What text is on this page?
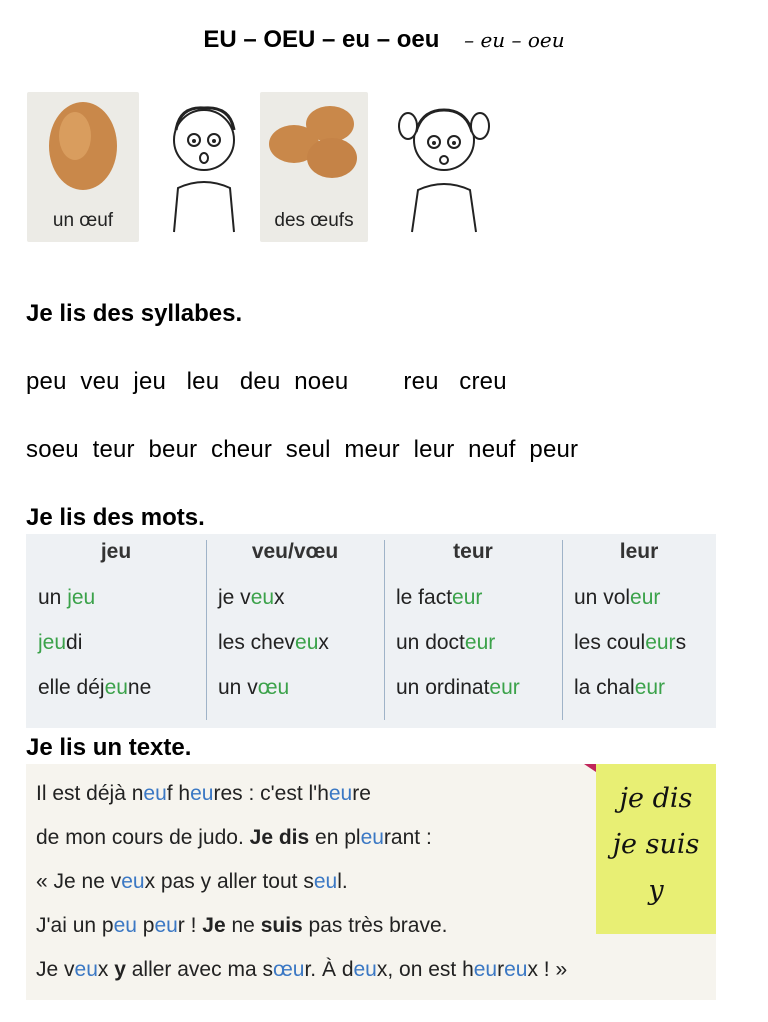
EU – OEU – eu – oeu – eu – oeu
un œuf	des œufs
Je lis des syllabes.
peu  veu  jeu   leu   deu  noeu        reu   creu
soeu  teur  beur  cheur  seul  meur  leur  neuf  peur
Je lis des mots.
jeu
un jeu
jeudi
elle déjeune
veu/vœu
je veux
les cheveux
un vœu
teur
le facteur
un docteur
un ordinateur
leur
un voleur
les couleurs
la chaleur
Je lis un texte.
Il est déjà neuf heures : c'est l'heure
de mon cours de judo. Je dis en pleurant :
« Je ne veux pas y aller tout seul.
J'ai un peu peur ! Je ne suis pas très brave.
Je veux y aller avec ma sœur. À deux, on est heureux ! »
je dis
je suis
y
